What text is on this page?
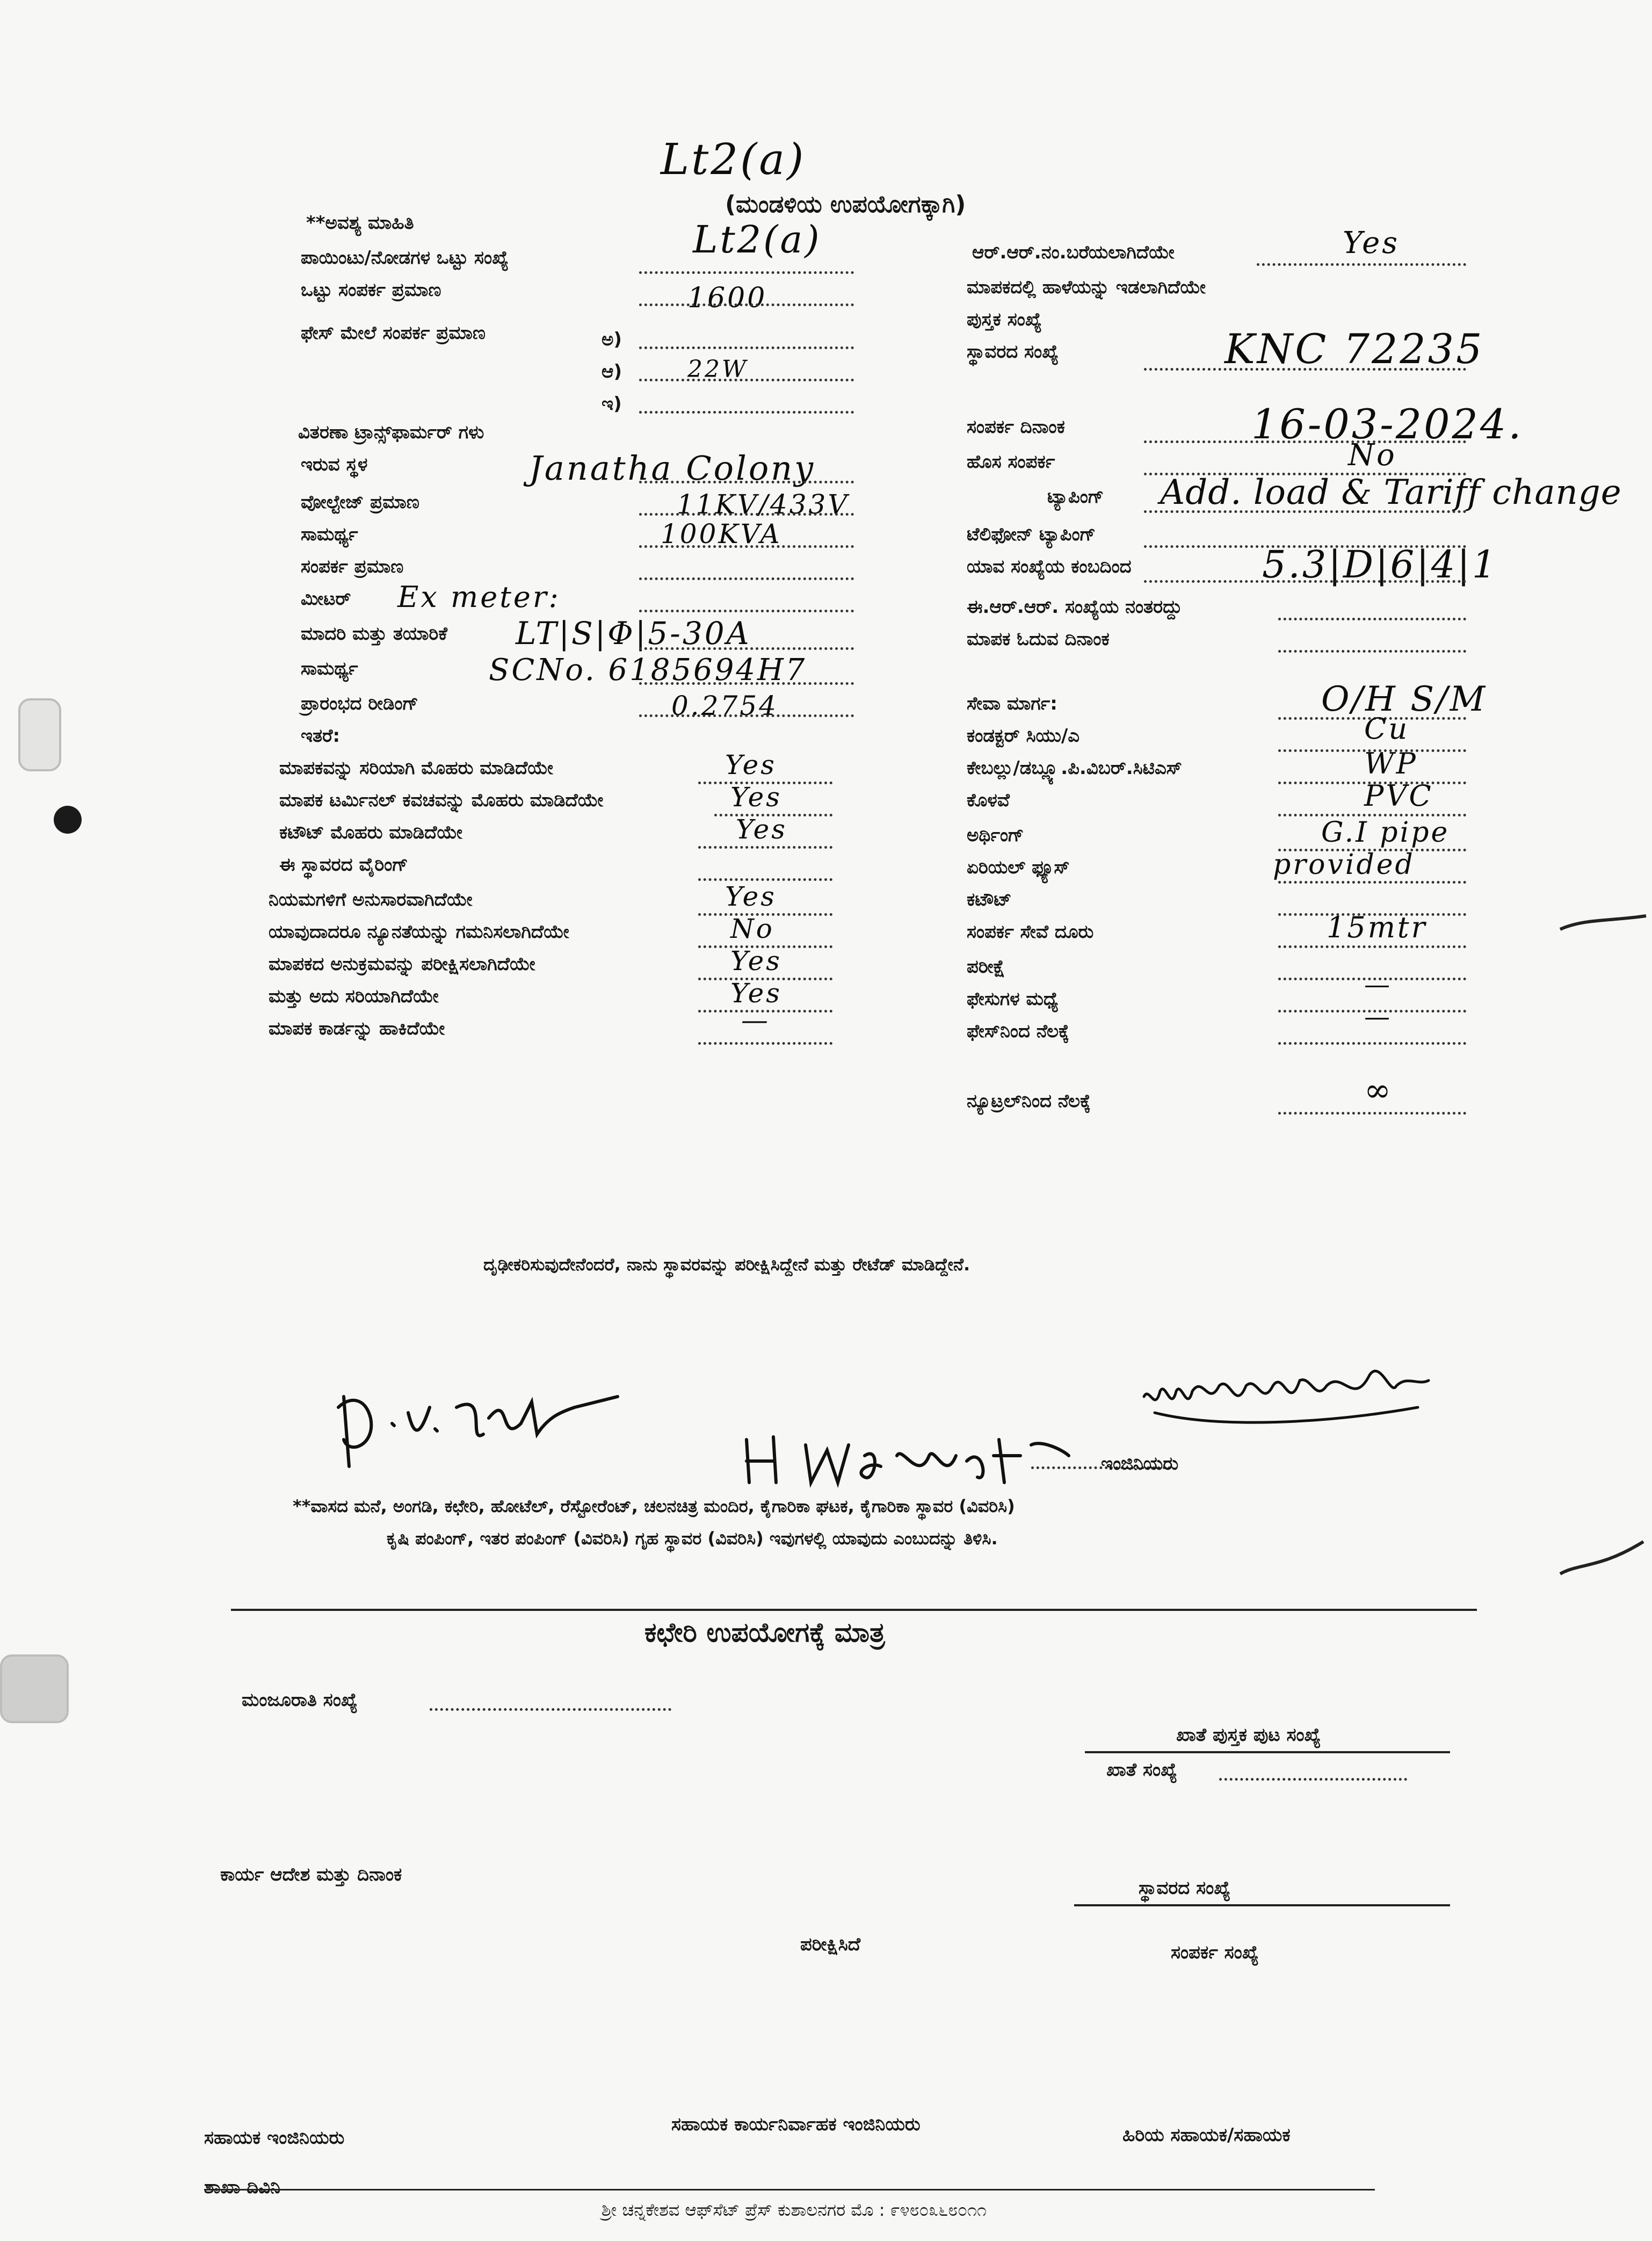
Lt2(a)
(ಮಂಡಳಿಯ ಉಪಯೋಗಕ್ಕಾಗಿ)
Lt2(a)
**ಅವಶ್ಯ ಮಾಹಿತಿ
ಪಾಯಿಂಟು/ನೋಡಗಳ ಒಟ್ಟು ಸಂಖ್ಯೆ
ಒಟ್ಟು ಸಂಪರ್ಕ ಪ್ರಮಾಣ	1600
ಫೇಸ್ ಮೇಲೆ ಸಂಪರ್ಕ ಪ್ರಮಾಣ	ಅ)
ಆ)	22W
ಇ)
ವಿತರಣಾ ಟ್ರಾನ್ಸ್‌ಫಾರ್ಮರ್ ಗಳು
ಇರುವ ಸ್ಥಳ	Janatha Colony
ವೋಲ್ಟೇಜ್ ಪ್ರಮಾಣ	11KV/433V
ಸಾಮರ್ಥ್ಯ	100KVA
ಸಂಪರ್ಕ ಪ್ರಮಾಣ
ಮೀಟರ್ Ex meter:
ಮಾದರಿ ಮತ್ತು ತಯಾರಿಕೆ LT|S|Φ|5-30A
ಸಾಮರ್ಥ್ಯ	SCNo. 6185694H7
ಪ್ರಾರಂಭದ ರೀಡಿಂಗ್	0.2754
ಇತರೆ:
ಮಾಪಕವನ್ನು ಸರಿಯಾಗಿ ಮೊಹರು ಮಾಡಿದೆಯೇ	Yes
ಮಾಪಕ ಟರ್ಮಿನಲ್ ಕವಚವನ್ನು ಮೊಹರು ಮಾಡಿದೆಯೇ	Yes
ಕಟೌಟ್ ಮೊಹರು ಮಾಡಿದೆಯೇ	Yes
ಈ ಸ್ಥಾವರದ ವೈರಿಂಗ್
ನಿಯಮಗಳಿಗೆ ಅನುಸಾರವಾಗಿದೆಯೇ	Yes
ಯಾವುದಾದರೂ ನ್ಯೂನತೆಯನ್ನು ಗಮನಿಸಲಾಗಿದೆಯೇ	No
ಮಾಪಕದ ಅನುಕ್ರಮವನ್ನು ಪರೀಕ್ಷಿಸಲಾಗಿದೆಯೇ	Yes
ಮತ್ತು ಅದು ಸರಿಯಾಗಿದೆಯೇ	Yes
ಮಾಪಕ ಕಾರ್ಡನ್ನು ಹಾಕಿದೆಯೇ	—
ಆರ್.ಆರ್.ನಂ.ಬರೆಯಲಾಗಿದೆಯೇ	Yes
ಮಾಪಕದಲ್ಲಿ ಹಾಳೆಯನ್ನು ಇಡಲಾಗಿದೆಯೇ
ಪುಸ್ತಕ ಸಂಖ್ಯೆ
ಸ್ಥಾವರದ ಸಂಖ್ಯೆ	KNC 72235
ಸಂಪರ್ಕ ದಿನಾಂಕ	16-03-2024.
ಹೊಸ ಸಂಪರ್ಕ	No
ಟ್ಯಾಪಿಂಗ್ Add. load & Tariff change
ಟೆಲಿಫೋನ್ ಟ್ಯಾಪಿಂಗ್
ಯಾವ ಸಂಖ್ಯೆಯ ಕಂಬದಿಂದ	5.3|D|6|4|1
ಈ.ಆರ್.ಆರ್. ಸಂಖ್ಯೆಯ ನಂತರದ್ದು
ಮಾಪಕ ಓದುವ ದಿನಾಂಕ
ಸೇವಾ ಮಾರ್ಗ:	O/H S/M
ಕಂಡಕ್ಟರ್ ಸಿಯು/ಎ	Cu
ಕೇಬಲ್ಲು/ಡಬ್ಲ್ಯೂ.ಪಿ.ವಿಬರ್.ಸಿಟಿಎಸ್	WP
ಕೊಳವೆ	PVC
ಅರ್ಥಿಂಗ್	G.I pipe
ಏರಿಯಲ್ ಫ್ಯೂಸ್	provided
ಕಟೌಟ್
ಸಂಪರ್ಕ ಸೇವೆ ದೂರು	15mtr
ಪರೀಕ್ಷೆ
ಫೇಸುಗಳ ಮಧ್ಯೆ	—
ಫೇಸ್‌ನಿಂದ ನೆಲಕ್ಕೆ	—
ನ್ಯೂಟ್ರಲ್‌ನಿಂದ ನೆಲಕ್ಕೆ	∞
ದೃಢೀಕರಿಸುವುದೇನೆಂದರೆ, ನಾನು ಸ್ಥಾವರವನ್ನು ಪರೀಕ್ಷಿಸಿದ್ದೇನೆ ಮತ್ತು ರೇಟೆಡ್ ಮಾಡಿದ್ದೇನೆ.
ಇಂಜಿನಿಯರು
**ವಾಸದ ಮನೆ, ಅಂಗಡಿ, ಕಛೇರಿ, ಹೋಟೆಲ್, ರೆಸ್ಟೋರೆಂಟ್, ಚಲನಚಿತ್ರ ಮಂದಿರ, ಕೈಗಾರಿಕಾ ಘಟಕ, ಕೈಗಾರಿಕಾ ಸ್ಥಾವರ (ವಿವರಿಸಿ)
ಕೃಷಿ ಪಂಪಿಂಗ್, ಇತರ ಪಂಪಿಂಗ್ (ವಿವರಿಸಿ) ಗೃಹ ಸ್ಥಾವರ (ವಿವರಿಸಿ) ಇವುಗಳಲ್ಲಿ ಯಾವುದು ಎಂಬುದನ್ನು ತಿಳಿಸಿ.
ಕಛೇರಿ ಉಪಯೋಗಕ್ಕೆ ಮಾತ್ರ
ಮಂಜೂರಾತಿ ಸಂಖ್ಯೆ
ಖಾತೆ ಪುಸ್ತಕ ಪುಟ ಸಂಖ್ಯೆ
ಖಾತೆ ಸಂಖ್ಯೆ
ಕಾರ್ಯ ಆದೇಶ ಮತ್ತು ದಿನಾಂಕ
ಸ್ಥಾವರದ ಸಂಖ್ಯೆ
ಪರೀಕ್ಷಿಸಿದೆ	ಸಂಪರ್ಕ ಸಂಖ್ಯೆ
ಸಹಾಯಕ ಇಂಜಿನಿಯರು
ಸಹಾಯಕ ಕಾರ್ಯನಿರ್ವಾಹಕ ಇಂಜಿನಿಯರು	ಹಿರಿಯ ಸಹಾಯಕ/ಸಹಾಯಕ
ಶಾಖಾ ದಿವಿನಿ
ಶ್ರೀ ಚನ್ನಕೇಶವ ಆಫ್‌ಸೆಟ್ ಪ್ರೆಸ್ ಕುಶಾಲನಗರ ಮೊ : ೯೪೮೦೩೬೮೦೧೧
